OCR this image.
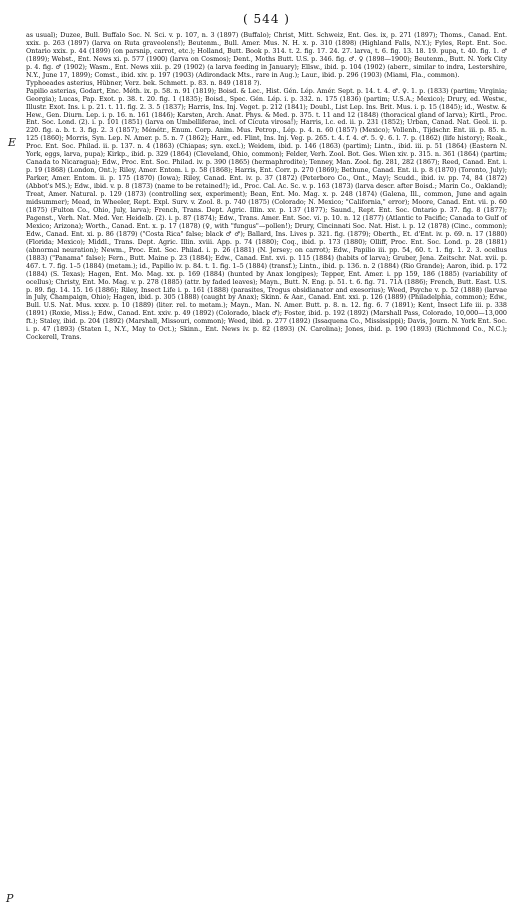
( 544 )

as usual); Duzee, Bull. Buffalo Soc. N. Sci. v. p. 107, n. 3 (1897) (Buffalo); Christ, Mitt. Schweiz, Ent. Ges. ix, p. 271 (1897); Thoms., Canad. Ent. xxix. p. 263 (1897) (larva on Ruta graveolens!); Beutenm., Bull. Amer. Mus. N. H. x. p. 310 (1898) (Highland Falls, N.Y.); Fyles, Rept. Ent. Soc. Ontario xxix. p. 44 (1899) (on parsnip, carrot, etc.); Holland, Butt. Book p. 314. t. 2. fig. 17. 24. 27. larva, t. 6. fig. 13. 18. 19. pupa, t. 40. fig. 1. ♂ (1899); Webst., Ent. News xi. p. 577 (1900) (larva on Cosmos); Dent., Moths Butt. U.S. p. 346. fig. ♂. ♀ (1898—1900); Beutenm., Butt. N. York City p. 4. fig. ♂ (1902); Wasm., Ent. News xiii. p. 29 (1902) (a larva feeding in January); Ellsw., ibid. p. 104 (1902) (aberr., similar to indra, Lestershire, N.Y., June 17, 1899); Comst., ibid. xiv. p. 197 (1903) (Adirondack Mts., rare in Aug.); Laur., ibid. p. 296 (1903) (Miami, Fla., common).

Typhoeades asterius, Hübner, Verz. bek. Schmett. p. 83. n. 849 (1818 ?).

Papilio asterias, Godart, Enc. Méth. ix. p. 58. n. 91 (1819); Boisd. & Lec., Hist. Gén. Lép. Amér. Sept. p. 14. t. 4. ♂. ♀. 1. p. (1833) (partim; Virginia; Georgia); Lucas, Pap. Exot. p. 38. t. 20. fig. 1 (1835); Boisd., Spec. Gén. Lép. i. p. 332. n. 175 (1836) (partim; U.S.A.; Mexico); Drury, ed. Westw., Illustr. Exot. Ins. i. p. 21. t. 11. fig. 2. 3. 5 (1837); Harris, Ins. Inj. Veget. p. 212 (1841); Doubl., List Lep. Ins. Brit. Mus. i. p. 15 (1845); id., Westw. & Hew., Gen. Diurn. Lep. i. p. 16. n. 161 (1846); Karsten, Arch. Anat. Phys. & Med. p. 375. t. 11 and 12 (1848) (thoracical gland of larva); Kirtl., Proc. Ent. Soc. Lond. (2). i. p. 101 (1851) (larva on Umbelliferae, incl. of Cicuta virosa!); Harris, l.c. ed. ii. p. 231 (1852); Urban, Canad. Nat. Geol. ii. p. 220. fig. a. b. t. 3. fig. 2. 3 (1857); Ménétr., Enum. Corp. Anim. Mus. Petrop., Lép. p. 4. n. 60 (1857) (Mexico); Vollenh., Tijdschr. Ent. iii. p. 85. n. 125 (1860); Morris, Syn. Lep. N. Amer. p. 5. n. 7 (1862); Harr., ed. Flint, Ins. Inj. Veg. p. 265. t. 4. f. 4. ♂. 5. ♀. 6. l. 7. p. (1862) (life history); Reak., Proc. Ent. Soc. Philad. ii. p. 137. n. 4 (1863) (Chiapas; syn. excl.); Weidem, ibid. p. 146 (1863) (partim); Lintn., ibid. iii. p. 51 (1864) (Eastern N. York, eggs, larva, pupa); Kirkp., ibid. p. 329 (1864) (Cleveland, Ohio, common); Felder, Verh. Zool. Bot. Ges. Wien xiv. p. 315. n. 361 (1864) (partim; Canada to Nicaragua); Edw., Proc. Ent. Soc. Philad. iv. p. 390 (1865) (hermaphrodite); Tenney, Man. Zool. fig. 281, 282 (1867); Reed, Canad. Ent. i. p. 19 (1868) (London, Ont.); Riley, Amer. Entom. i. p. 58 (1868); Harris, Ent. Corr. p. 270 (1869); Bethune, Canad. Ent. ii. p. 8 (1870) (Toronto, July); Parker, Amer. Entom. ii. p. 175 (1870) (Iowa); Riley, Canad. Ent. iv. p. 37 (1872) (Peterboro Co., Ont., May); Scudd., ibid. iv. pp. 74, 84 (1872) (Abbot's MS.); Edw., ibid. v. p. 8 (1873) (name to be retained!); id., Proc. Cal. Ac. Sc. v. p. 163 (1873) (larva descr. after Boisd.; Marin Co., Oakland); Treat, Amer. Natural. p. 129 (1873) (controlling sex, experiment); Bean, Ent. Mo. Mag. x. p. 248 (1874) (Galena, Ill., common, June and again midsummer); Mead, in Wheeler, Rept. Expl. Surv. v. Zool. 8. p. 740 (1875) (Colorado; N. Mexico; "California," error); Moore, Canad. Ent. vii. p. 60 (1875) (Fulton Co., Ohio, July, larva); French, Trans. Dept. Agric. Illin. xv. p. 137 (1877); Saund., Rept. Ent. Soc. Ontario p. 37. fig. 8 (1877); Pagenst., Verh. Nat. Med. Ver. Heidelb. (2). i. p. 87 (1874); Edw., Trans. Amer. Ent. Soc. vi. p. 10. n. 12 (1877) (Atlantic to Pacific; Canada to Gulf of Mexico; Arizona); Worth., Canad. Ent. x. p. 17 (1878) (♀, with "fungus"—pollen!); Drury, Cincinnati Soc. Nat. Hist. i. p. 12 (1878) (Cinc., common); Edw., Canad. Ent. xi. p. 86 (1879) ("Costa Rica" false; black ♂ ♂); Ballard, Ins. Lives p. 321. fig. (1879); Oberth., Et. d'Ent. iv. p. 69. n. 17 (1880) (Florida; Mexico); Middl., Trans. Dept. Agric. Illin. xviii. App. p. 74 (1880); Coq., ibid. p. 173 (1880); Olliff, Proc. Ent. Soc. Lond. p. 28 (1881) (abnormal neuration); Newm., Proc. Ent. Soc. Philad. i. p. 26 (1881) (N. Jersey; on carrot); Edw., Papilio iii. pp. 54, 60. t. 1. fig. 1. 2. 3. ocellus (1883) ("Panama" false); Fern., Butt. Maine p. 23 (1884); Edw., Canad. Ent. xvi. p. 115 (1884) (habits of larva); Gruber, Jena. Zeitschr. Nat. xvii. p. 467. t. 7. fig. 1–5 (1884) (metam.); id., Papilio iv. p. 84. t. 1. fig. 1–5 (1884) (transf.); Lintn., ibid. p. 136. n. 2 (1884) (Rio Grande); Aaron, ibid. p. 172 (1884) (S. Texas); Hagen, Ent. Mo. Mag. xx. p. 169 (1884) (hunted by Anax longipes); Tepper, Ent. Amer. i. pp 159, 186 (1885) (variability of ocellus); Christy, Ent. Mo. Mag. v. p. 278 (1885) (attr. by faded leaves); Mayn., Butt. N. Eng. p. 51. t. 6. fig. 71. 71A (1886); French, Butt. East. U.S. p. 89. fig. 14. 15. 16 (1886); Riley, Insect Life i. p. 161 (1888) (parasites, Trogus obsidianator and exesorius); Weed, Psyche v. p. 52 (1888) (larvae in July, Champaign, Ohio); Hagen, ibid. p. 305 (1888) (caught by Anax); Skinn. & Aar., Canad. Ent. xxi. p. 126 (1889) (Philadelphia, common); Edw., Bull. U.S. Nat. Mus. xxxv. p. 10 (1889) (liter. rel. to metam.); Mayn., Man. N. Amer. Butt. p. 8. n. 12. fig. 6. 7 (1891); Kent, Insect Life iii. p. 338 (1891) (Roxie, Miss.); Edw., Canad. Ent. xxiv. p. 49 (1892) (Colorado, black ♂); Foster, ibid. p. 192 (1892) (Marshall Pass, Colorado, 10,000—13,000 ft.); Staley, ibid. p. 204 (1892) (Marshall, Missouri, common); Weed, ibid. p. 277 (1892) (Issaquena Co., Mississippi); Davis, Journ. N. York Ent. Soc. i. p. 47 (1893) (Staten I., N.Y., May to Oct.); Skinn., Ent. News iv. p. 82 (1893) (N. Carolina); Jones, ibid. p. 190 (1893) (Richmond Co., N.C.); Cockerell, Trans.

E
P
